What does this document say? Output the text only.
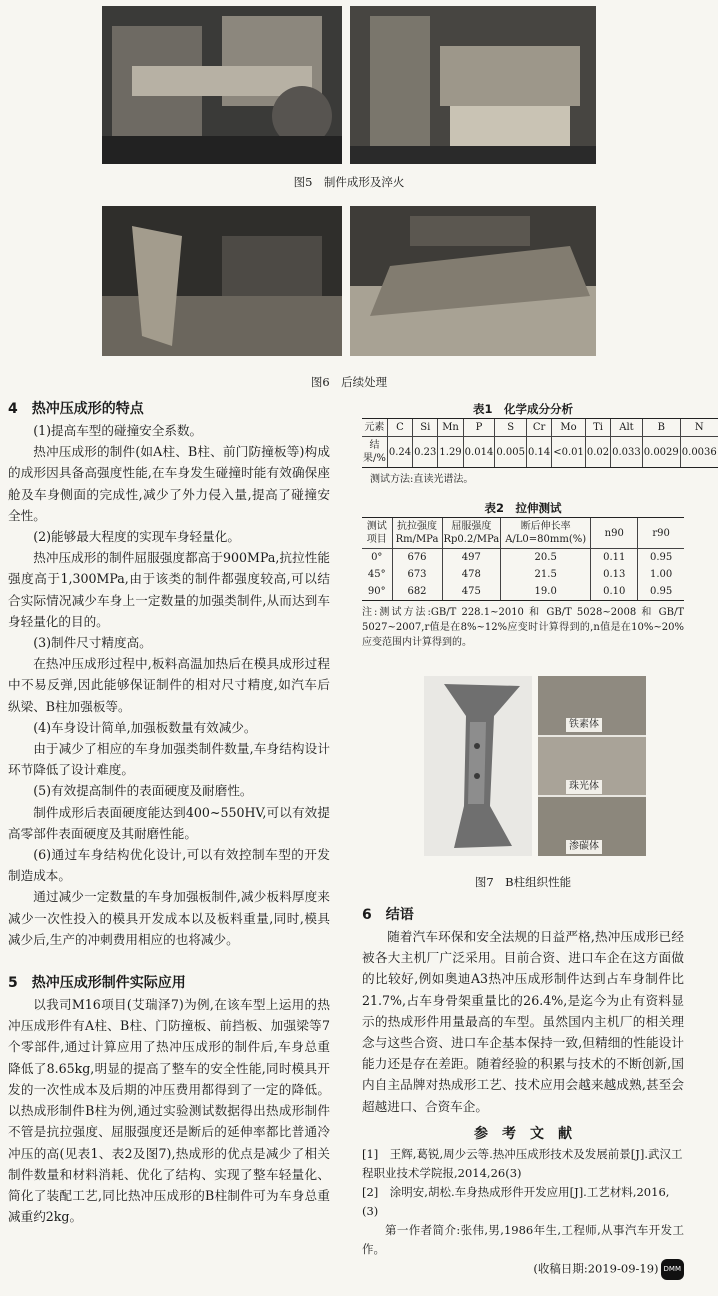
图5　制件成形及淬火
图6　后续处理
4　热冲压成形的特点
(1)提高车型的碰撞安全系数。
热冲压成形的制件(如A柱、B柱、前门防撞板等)构成的成形因具备高强度性能,在车身发生碰撞时能有效确保座舱及车身侧面的完成性,减少了外力侵入量,提高了碰撞安全性。
(2)能够最大程度的实现车身轻量化。
热冲压成形的制件屈服强度都高于900MPa,抗拉性能强度高于1,300MPa,由于该类的制件都强度较高,可以结合实际情况减少车身上一定数量的加强类制件,从而达到车身轻量化的目的。
(3)制件尺寸精度高。
在热冲压成形过程中,板料高温加热后在模具成形过程中不易反弹,因此能够保证制件的相对尺寸精度,如汽车后纵梁、B柱加强板等。
(4)车身设计简单,加强板数量有效减少。
由于减少了相应的车身加强类制件数量,车身结构设计环节降低了设计难度。
(5)有效提高制件的表面硬度及耐磨性。
制件成形后表面硬度能达到400~550HV,可以有效提高零部件表面硬度及其耐磨性能。
(6)通过车身结构优化设计,可以有效控制车型的开发制造成本。
通过减少一定数量的车身加强板制件,减少板料厚度来减少一次性投入的模具开发成本以及板料重量,同时,模具减少后,生产的冲刺费用相应的也将减少。
5　热冲压成形制件实际应用
以我司M16项目(艾瑞泽7)为例,在该车型上运用的热冲压成形件有A柱、B柱、门防撞板、前挡板、加强梁等7个零部件,通过计算应用了热冲压成形的制件后,车身总重降低了8.65kg,明显的提高了整车的安全性能,同时模具开发的一次性成本及后期的冲压费用都得到了一定的降低。以热成形制件B柱为例,通过实验测试数据得出热成形制件不管是抗拉强度、屈服强度还是断后的延伸率都比普通冷冲压的高(见表1、表2及图7),热成形的优点是减少了相关制件数量和材料消耗、优化了结构、实现了整车轻量化、简化了装配工艺,同比热冲压成形的B柱制件可为车身总重减重约2kg。
表1　化学成分分析
元素	C	Si	Mn	P	S	Cr	Mo	Ti	Alt	B	N
结果/%	0.24	0.23	1.29	0.014	0.005	0.14	<0.01	0.02	0.033	0.0029	0.0036
测试方法:直读光谱法。
表2　拉伸测试
测试项目	抗拉强度Rm/MPa	屈服强度Rp0.2/MPa	断后伸长率A/L0=80mm(%)	n90	r90
0°	676	497	20.5	0.11	0.95
45°	673	478	21.5	0.13	1.00
90°	682	475	19.0	0.10	0.95
注:测试方法:GB/T 228.1~2010 和 GB/T 5028~2008 和 GB/T 5027~2007,r值是在8%~12%应变时计算得到的,n值是在10%~20%应变范围内计算得到的。
铁素体
珠光体
渗碳体
图7　B柱组织性能
6　结语
随着汽车环保和安全法规的日益严格,热冲压成形已经被各大主机厂广泛采用。目前合资、进口车企在这方面做的比较好,例如奥迪A3热冲压成形制件达到占车身制件比21.7%,占车身骨架重量比的26.4%,是迄今为止有资料显示的热成形件用量最高的车型。虽然国内主机厂的相关理念与这些合资、进口车企基本保持一致,但精细的性能设计能力还是存在差距。随着经验的积累与技术的不断创新,国内自主品牌对热成形工艺、技术应用会越来越成熟,甚至会超越进口、合资车企。
参　考　文　献
[1]　王辉,葛锐,周少云等.热冲压成形技术及发展前景[J].武汉工程职业技术学院报,2014,26(3)
[2]　涂明安,胡松.车身热成形件开发应用[J].工艺材料,2016,(3)
第一作者简介:张伟,男,1986年生,工程师,从事汽车开发工作。
(收稿日期:2019-09-19) DMM
